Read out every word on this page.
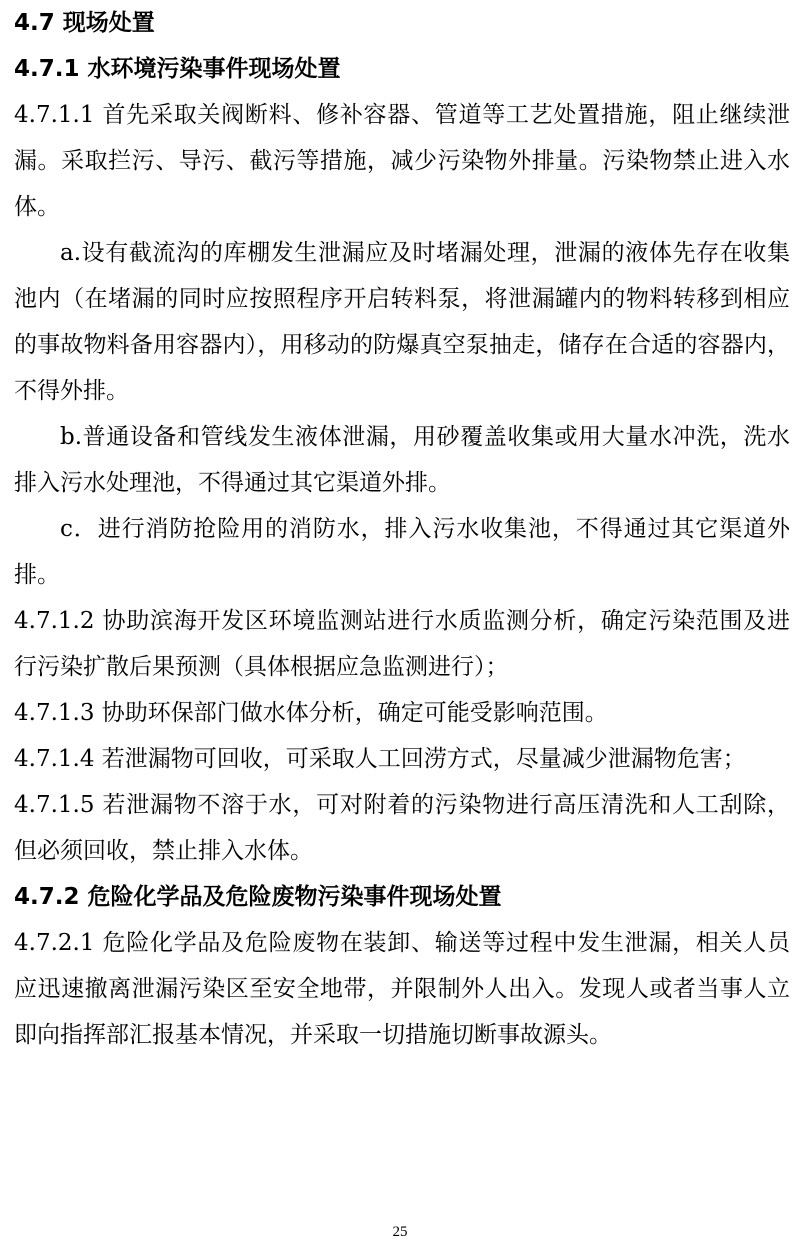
4.7 现场处置

4.7.1 水环境污染事件现场处置

4.7.1.1 首先采取关阀断料、修补容器、管道等工艺处置措施，阻止继续泄漏。采取拦污、导污、截污等措施，减少污染物外排量。污染物禁止进入水体。

a.设有截流沟的库棚发生泄漏应及时堵漏处理，泄漏的液体先存在收集池内（在堵漏的同时应按照程序开启转料泵，将泄漏罐内的物料转移到相应的事故物料备用容器内），用移动的防爆真空泵抽走，储存在合适的容器内，不得外排。

b.普通设备和管线发生液体泄漏，用砂覆盖收集或用大量水冲洗，洗水排入污水处理池，不得通过其它渠道外排。

c．进行消防抢险用的消防水，排入污水收集池，不得通过其它渠道外排。

4.7.1.2 协助滨海开发区环境监测站进行水质监测分析，确定污染范围及进行污染扩散后果预测（具体根据应急监测进行）；

4.7.1.3 协助环保部门做水体分析，确定可能受影响范围。

4.7.1.4 若泄漏物可回收，可采取人工回涝方式，尽量减少泄漏物危害；

4.7.1.5 若泄漏物不溶于水，可对附着的污染物进行高压清洗和人工刮除，但必须回收，禁止排入水体。

4.7.2 危险化学品及危险废物污染事件现场处置

4.7.2.1 危险化学品及危险废物在装卸、输送等过程中发生泄漏，相关人员应迅速撤离泄漏污染区至安全地带，并限制外人出入。发现人或者当事人立即向指挥部汇报基本情况，并采取一切措施切断事故源头。

25
